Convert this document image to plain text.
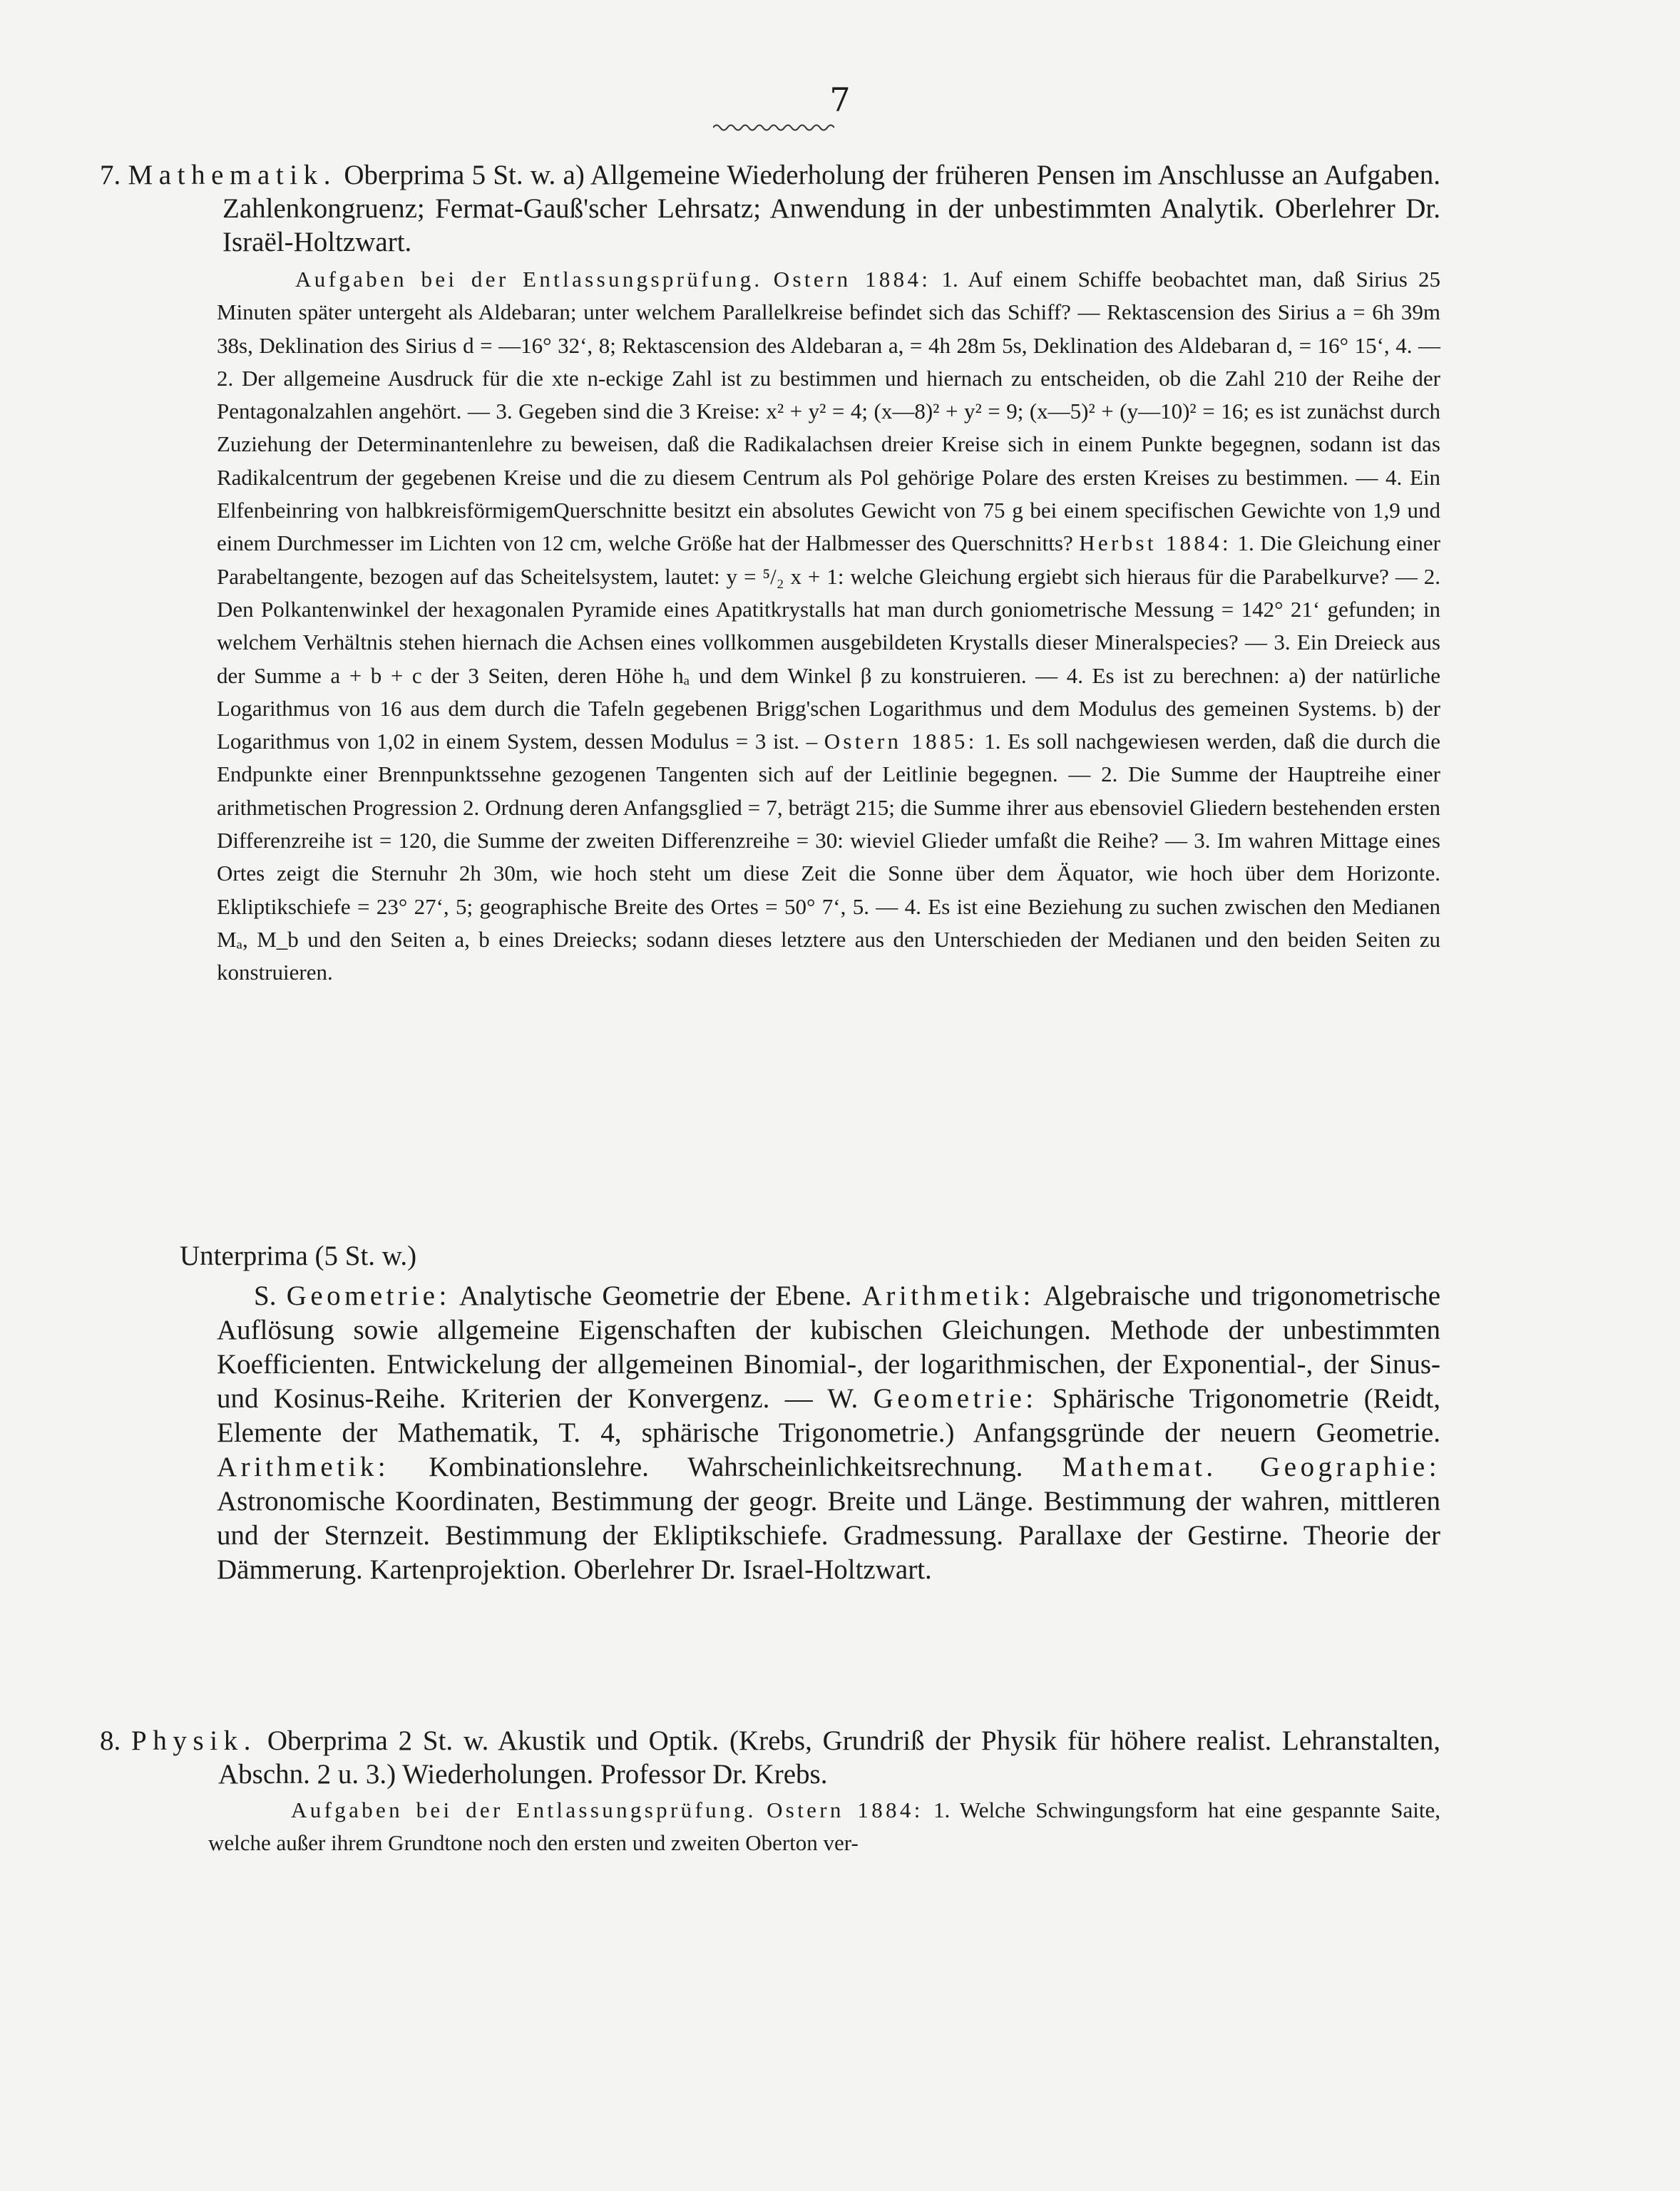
7

7. Mathematik. Oberprima 5 St. w. a) Allgemeine Wiederholung der früheren Pensen im Anschlusse an Aufgaben. Zahlenkongruenz; Fermat-Gauß'scher Lehrsatz; Anwendung in der unbestimmten Analytik. Oberlehrer Dr. Israël-Holtzwart.

Aufgaben bei der Entlassungsprüfung. Ostern 1884: 1. Auf einem Schiffe beobachtet man, daß Sirius 25 Minuten später untergeht als Aldebaran; unter welchem Parallelkreise befindet sich das Schiff? — Rektascension des Sirius a = 6h 39m 38s, Deklination des Sirius d = —16° 32‘, 8; Rektascension des Aldebaran a, = 4h 28m 5s, Deklination des Aldebaran d, = 16° 15‘, 4. — 2. Der allgemeine Ausdruck für die xte n-eckige Zahl ist zu bestimmen und hiernach zu entscheiden, ob die Zahl 210 der Reihe der Pentagonalzahlen angehört. — 3. Gegeben sind die 3 Kreise: x² + y² = 4; (x—8)² + y² = 9; (x—5)² + (y—10)² = 16; es ist zunächst durch Zuziehung der Determinantenlehre zu beweisen, daß die Radikalachsen dreier Kreise sich in einem Punkte begegnen, sodann ist das Radikalcentrum der gegebenen Kreise und die zu diesem Centrum als Pol gehörige Polare des ersten Kreises zu bestimmen. — 4. Ein Elfenbeinring von halbkreisförmigemQuerschnitte besitzt ein absolutes Gewicht von 75 g bei einem specifischen Gewichte von 1,9 und einem Durchmesser im Lichten von 12 cm, welche Größe hat der Halbmesser des Querschnitts? Herbst 1884: 1. Die Gleichung einer Parabeltangente, bezogen auf das Scheitelsystem, lautet: y = ⁵/₂ x + 1: welche Gleichung ergiebt sich hieraus für die Parabelkurve? — 2. Den Polkantenwinkel der hexagonalen Pyramide eines Apatitkrystalls hat man durch goniometrische Messung = 142° 21‘ gefunden; in welchem Verhältnis stehen hiernach die Achsen eines vollkommen ausgebildeten Krystalls dieser Mineralspecies? — 3. Ein Dreieck aus der Summe a + b + c der 3 Seiten, deren Höhe hₐ und dem Winkel β zu konstruieren. — 4. Es ist zu berechnen: a) der natürliche Logarithmus von 16 aus dem durch die Tafeln gegebenen Brigg'schen Logarithmus und dem Modulus des gemeinen Systems. b) der Logarithmus von 1,02 in einem System, dessen Modulus = 3 ist. – Ostern 1885: 1. Es soll nachgewiesen werden, daß die durch die Endpunkte einer Brennpunktssehne gezogenen Tangenten sich auf der Leitlinie begegnen. — 2. Die Summe der Hauptreihe einer arithmetischen Progression 2. Ordnung deren Anfangsglied = 7, beträgt 215; die Summe ihrer aus ebensoviel Gliedern bestehenden ersten Differenzreihe ist = 120, die Summe der zweiten Differenzreihe = 30: wieviel Glieder umfaßt die Reihe? — 3. Im wahren Mittage eines Ortes zeigt die Sternuhr 2h 30m, wie hoch steht um diese Zeit die Sonne über dem Äquator, wie hoch über dem Horizonte. Ekliptikschiefe = 23° 27‘, 5; geographische Breite des Ortes = 50° 7‘, 5. — 4. Es ist eine Beziehung zu suchen zwischen den Medianen Mₐ, M_b und den Seiten a, b eines Dreiecks; sodann dieses letztere aus den Unterschieden der Medianen und den beiden Seiten zu konstruieren.

Unterprima (5 St. w.)

S. Geometrie: Analytische Geometrie der Ebene. Arithmetik: Algebraische und trigonometrische Auflösung sowie allgemeine Eigenschaften der kubischen Gleichungen. Methode der unbestimmten Koefficienten. Entwickelung der allgemeinen Binomial-, der logarithmischen, der Exponential-, der Sinus- und Kosinus-Reihe. Kriterien der Konvergenz. — W. Geometrie: Sphärische Trigonometrie (Reidt, Elemente der Mathematik, T. 4, sphärische Trigonometrie.) Anfangsgründe der neuern Geometrie. Arithmetik: Kombinationslehre. Wahrscheinlichkeitsrechnung. Mathemat. Geographie: Astronomische Koordinaten, Bestimmung der geogr. Breite und Länge. Bestimmung der wahren, mittleren und der Sternzeit. Bestimmung der Ekliptikschiefe. Gradmessung. Parallaxe der Gestirne. Theorie der Dämmerung. Kartenprojektion. Oberlehrer Dr. Israel-Holtzwart.

8. Physik. Oberprima 2 St. w. Akustik und Optik. (Krebs, Grundriß der Physik für höhere realist. Lehranstalten, Abschn. 2 u. 3.) Wiederholungen. Professor Dr. Krebs.

Aufgaben bei der Entlassungsprüfung. Ostern 1884: 1. Welche Schwingungsform hat eine gespannte Saite, welche außer ihrem Grundtone noch den ersten und zweiten Oberton ver-
